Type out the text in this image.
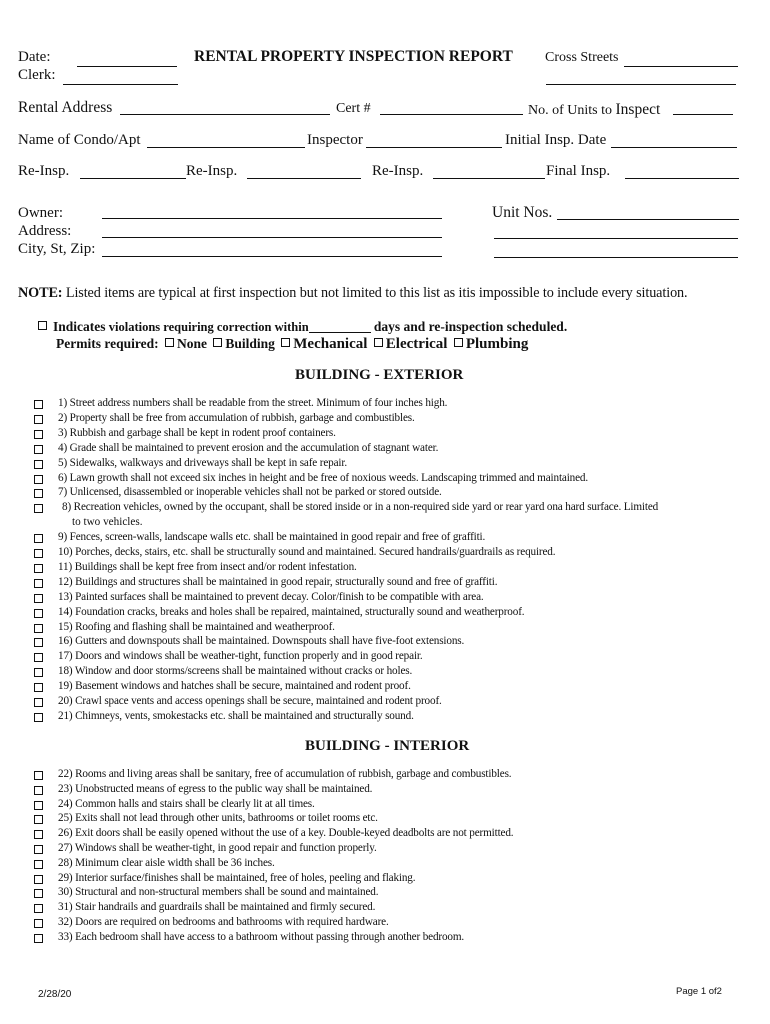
Date:
Clerk:
RENTAL PROPERTY INSPECTION REPORT Cross Streets
Rental Address	Cert #	No. of Units to Inspect
Name of Condo/Apt	Inspector	Initial Insp. Date
Re-Insp.	Re-Insp.	Re-Insp.	Final Insp.
Owner:
Address:
City, St, Zip:
Unit Nos.
NOTE: Listed items are typical at first inspection but not limited to this list as itis impossible to include every situation.
Indicates violations requiring correction within	days and re-inspection scheduled.
Permits required: None Building Mechanical Electrical Plumbing
BUILDING - EXTERIOR
1) Street address numbers shall be readable from the street. Minimum of four inches high.
2) Property shall be free from accumulation of rubbish, garbage and combustibles.
3) Rubbish and garbage shall be kept in rodent proof containers.
4) Grade shall be maintained to prevent erosion and the accumulation of stagnant water.
5) Sidewalks, walkways and driveways shall be kept in safe repair.
6) Lawn growth shall not exceed six inches in height and be free of noxious weeds. Landscaping trimmed and maintained.
7) Unlicensed, disassembled or inoperable vehicles shall not be parked or stored outside.
8) Recreation vehicles, owned by the occupant, shall be stored inside or in a non-required side yard or rear yard ona hard surface. Limited
to two vehicles.
9) Fences, screen-walls, landscape walls etc. shall be maintained in good repair and free of graffiti.
10) Porches, decks, stairs, etc. shall be structurally sound and maintained. Secured handrails/guardrails as required.
11) Buildings shall be kept free from insect and/or rodent infestation.
12) Buildings and structures shall be maintained in good repair, structurally sound and free of graffiti.
13) Painted surfaces shall be maintained to prevent decay. Color/finish to be compatible with area.
14) Foundation cracks, breaks and holes shall be repaired, maintained, structurally sound and weatherproof.
15) Roofing and flashing shall be maintained and weatherproof.
16) Gutters and downspouts shall be maintained. Downspouts shall have five-foot extensions.
17) Doors and windows shall be weather-tight, function properly and in good repair.
18) Window and door storms/screens shall be maintained without cracks or holes.
19) Basement windows and hatches shall be secure, maintained and rodent proof.
20) Crawl space vents and access openings shall be secure, maintained and rodent proof.
21) Chimneys, vents, smokestacks etc. shall be maintained and structurally sound.
BUILDING - INTERIOR
22) Rooms and living areas shall be sanitary, free of accumulation of rubbish, garbage and combustibles.
23) Unobstructed means of egress to the public way shall be maintained.
24) Common halls and stairs shall be clearly lit at all times.
25) Exits shall not lead through other units, bathrooms or toilet rooms etc.
26) Exit doors shall be easily opened without the use of a key. Double-keyed deadbolts are not permitted.
27) Windows shall be weather-tight, in good repair and function properly.
28) Minimum clear aisle width shall be 36 inches.
29) Interior surface/finishes shall be maintained, free of holes, peeling and flaking.
30) Structural and non-structural members shall be sound and maintained.
31) Stair handrails and guardrails shall be maintained and firmly secured.
32) Doors are required on bedrooms and bathrooms with required hardware.
33) Each bedroom shall have access to a bathroom without passing through another bedroom.
2/28/20	Page 1 of2
